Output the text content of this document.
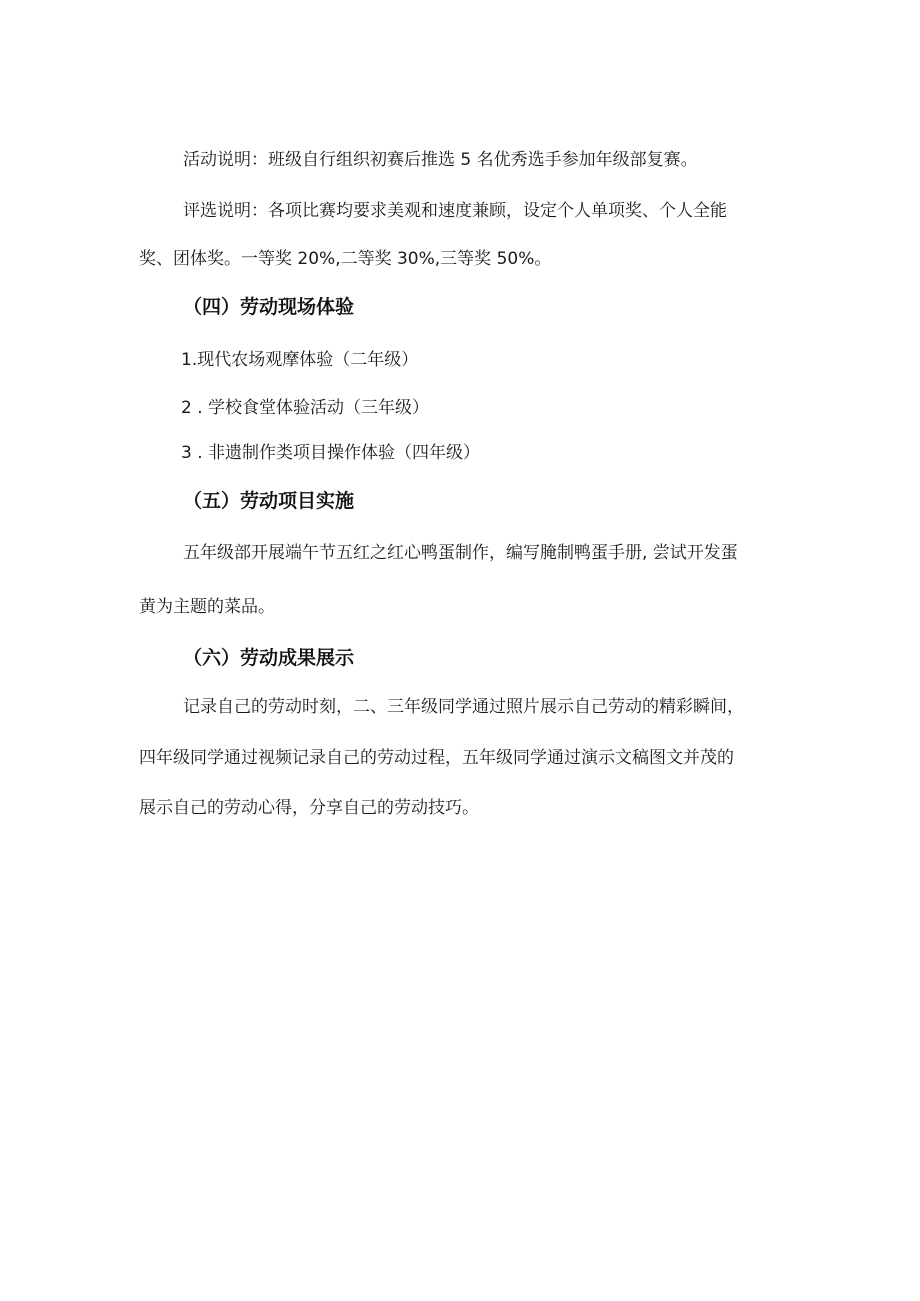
活动说明：班级自行组织初赛后推选 5 名优秀选手参加年级部复赛。
评选说明：各项比赛均要求美观和速度兼顾，设定个人单项奖、个人全能
奖、团体奖。一等奖 20%,二等奖 30%,三等奖 50%。
（四）劳动现场体验
1.现代农场观摩体验（二年级）
2 . 学校食堂体验活动（三年级）
3 . 非遗制作类项目操作体验（四年级）
（五）劳动项目实施
五年级部开展端午节五红之红心鸭蛋制作，编写腌制鸭蛋手册, 尝试开发蛋
黄为主题的菜品。
（六）劳动成果展示
记录自己的劳动时刻，二、三年级同学通过照片展示自己劳动的精彩瞬间，
四年级同学通过视频记录自己的劳动过程，五年级同学通过演示文稿图文并茂的
展示自己的劳动心得，分享自己的劳动技巧。
